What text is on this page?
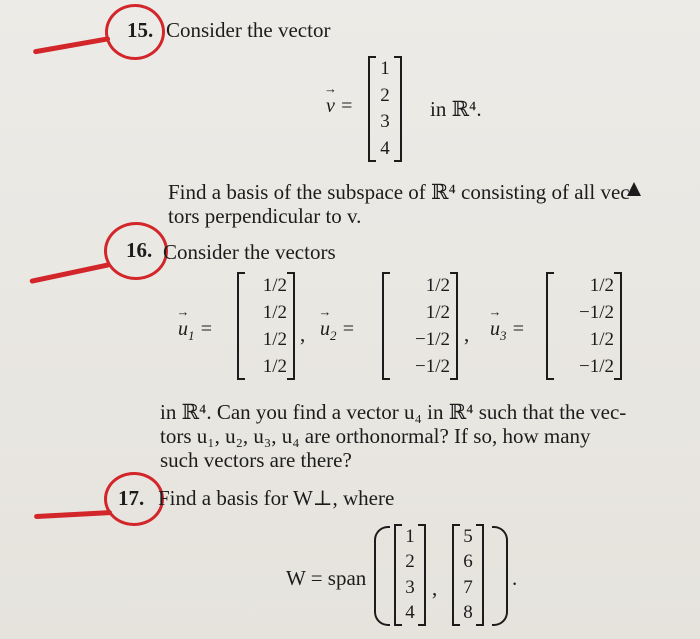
15. Consider the vector
→ v =
1
2
3
4
in ℝ⁴.
Find a basis of the subspace of ℝ⁴ consisting of all vec-
tors perpendicular to v.
16. Consider the vectors
→ $u_1$ =
1/2
1/2
1/2
1/2
, → $u_2$ =
1/2
1/2
−1/2
−1/2
, → $u_3$ =
1/2
−1/2
1/2
−1/2
in ℝ⁴. Can you find a vector u₄ in ℝ⁴ such that the vec-
tors u₁, u₂, u₃, u₄ are orthonormal? If so, how many
such vectors are there?
17. Find a basis for W⊥, where
W = span
1
2
3
4
,
5
6
7
8
.
